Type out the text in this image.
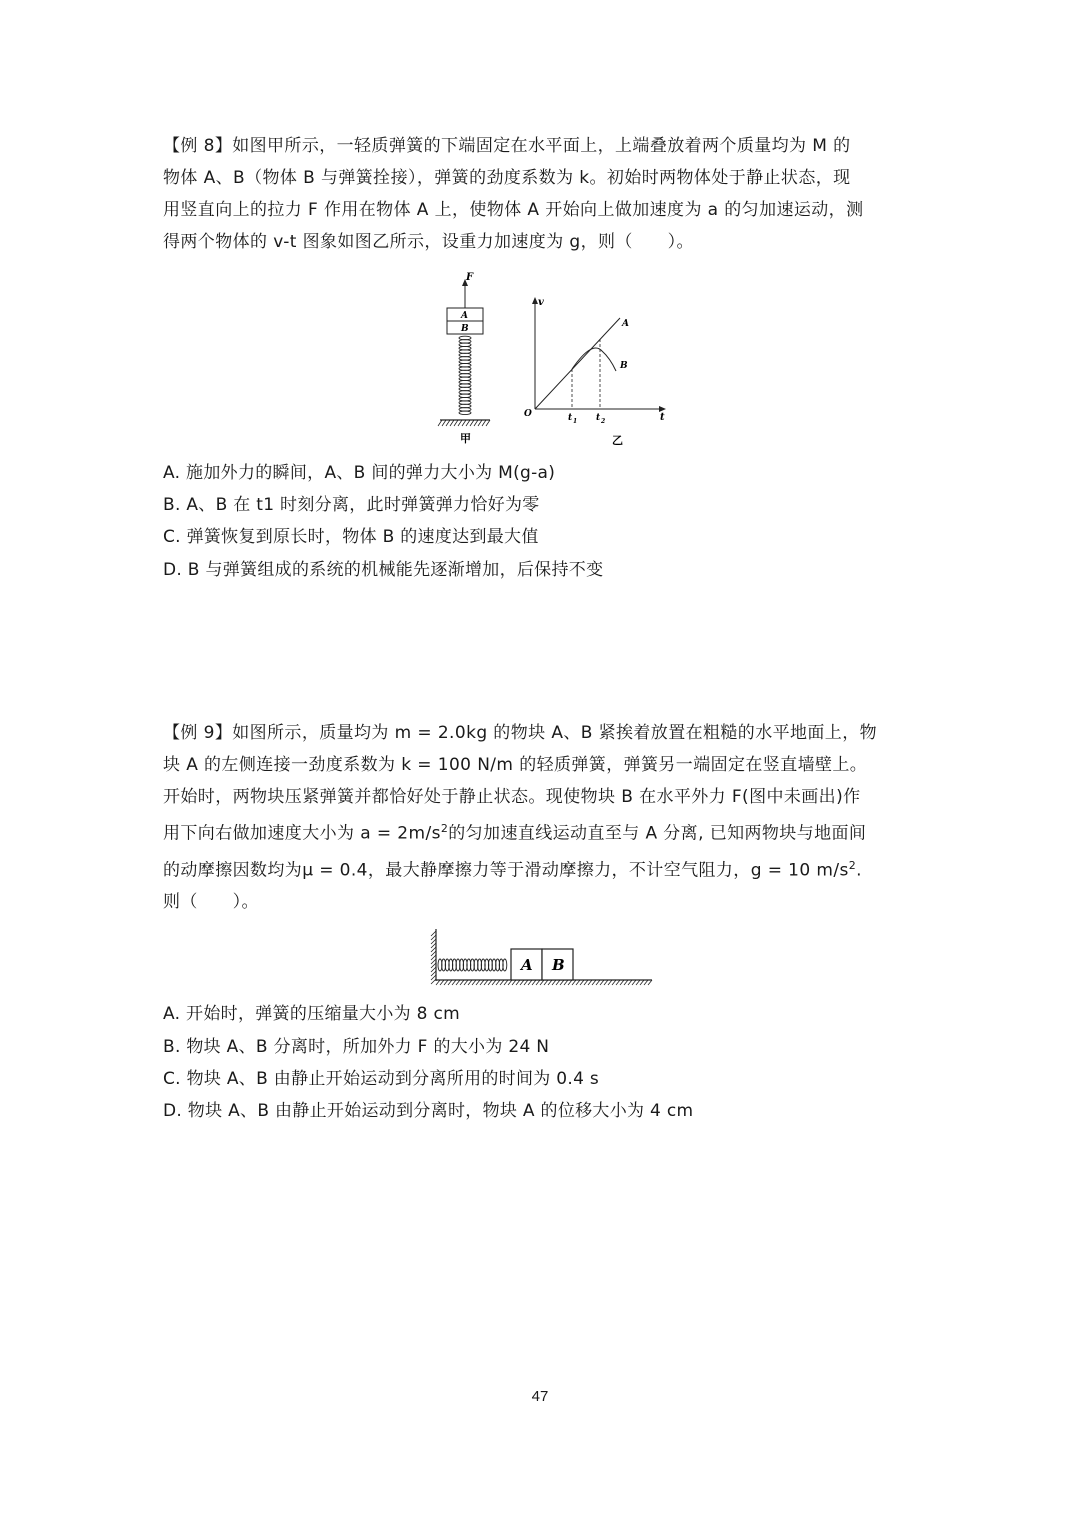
【例 8】如图甲所示，一轻质弹簧的下端固定在水平面上，上端叠放着两个质量均为 M 的
物体 A、B（物体 B 与弹簧拴接），弹簧的劲度系数为 k。初始时两物体处于静止状态，现
用竖直向上的拉力 F 作用在物体 A 上，使物体 A 开始向上做加速度为 a 的匀加速运动，测
得两个物体的 v-t 图象如图乙所示，设重力加速度为 g，则（　　）。
F
A
B
甲
v
t
O
A
B
t 1 t 2
乙
A. 施加外力的瞬间，A、B 间的弹力大小为 M(g-a)
B. A、B 在 t1 时刻分离，此时弹簧弹力恰好为零
C. 弹簧恢复到原长时，物体 B 的速度达到最大值
D. B 与弹簧组成的系统的机械能先逐渐增加，后保持不变
【例 9】如图所示，质量均为 m = 2.0kg 的物块 A、B 紧挨着放置在粗糙的水平地面上，物
块 A 的左侧连接一劲度系数为 k = 100 N/m 的轻质弹簧，弹簧另一端固定在竖直墙壁上。
开始时，两物块压紧弹簧并都恰好处于静止状态。现使物块 B 在水平外力 F(图中未画出)作
用下向右做加速度大小为 $a = 2m/s^2$的匀加速直线运动直至与 A 分离, 已知两物块与地面间
的动摩擦因数均为μ = 0.4，最大静摩擦力等于滑动摩擦力，不计空气阻力，g = 10 $m/s^2$.
则（　　）。
A B
A. 开始时，弹簧的压缩量大小为 8 cm
B. 物块 A、B 分离时，所加外力 F 的大小为 24 N
C. 物块 A、B 由静止开始运动到分离所用的时间为 0.4 s
D. 物块 A、B 由静止开始运动到分离时，物块 A 的位移大小为 4 cm
47
